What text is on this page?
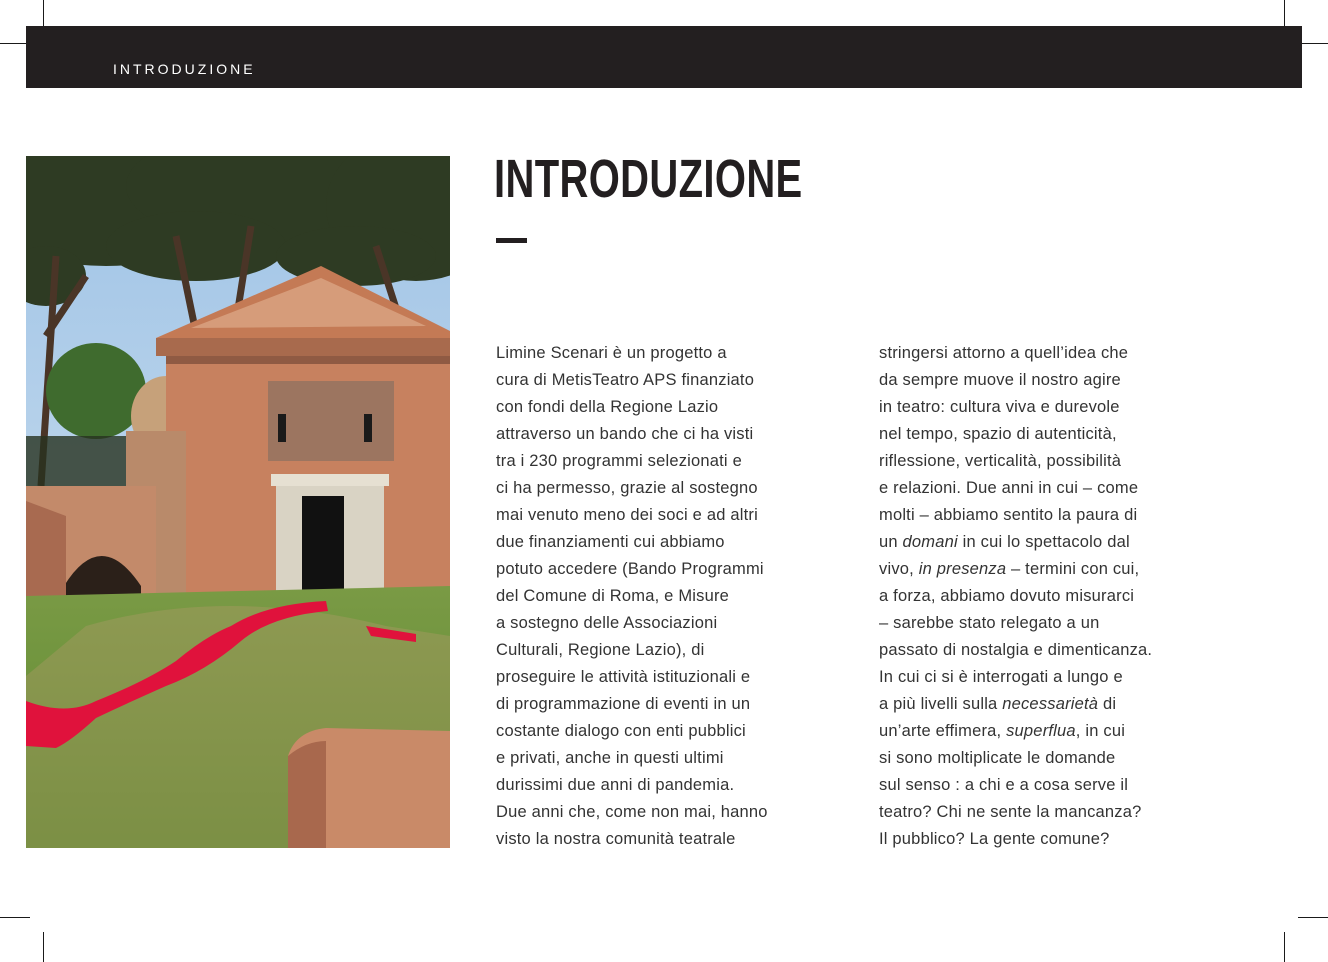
INTRODUZIONE
INTRODUZIONE
Limine Scenari è un progetto a
cura di MetisTeatro APS finanziato
con fondi della Regione Lazio
attraverso un bando che ci ha visti
tra i 230 programmi selezionati e
ci ha permesso, grazie al sostegno
mai venuto meno dei soci e ad altri
due finanziamenti cui abbiamo
potuto accedere (Bando Programmi
del Comune di Roma, e Misure
a sostegno delle Associazioni
Culturali, Regione Lazio), di
proseguire le attività istituzionali e
di programmazione di eventi in un
costante dialogo con enti pubblici
e privati, anche in questi ultimi
durissimi due anni di pandemia.
Due anni che, come non mai, hanno
visto la nostra comunità teatrale
stringersi attorno a quell’idea che
da sempre muove il nostro agire
in teatro: cultura viva e durevole
nel tempo, spazio di autenticità,
riflessione, verticalità, possibilità
e relazioni. Due anni in cui – come
molti – abbiamo sentito la paura di
un domani in cui lo spettacolo dal
vivo, in presenza – termini con cui,
a forza, abbiamo dovuto misurarci
– sarebbe stato relegato a un
passato di nostalgia e dimenticanza.
In cui ci si è interrogati a lungo e
a più livelli sulla necessarietà di
un’arte effimera, superflua, in cui
si sono moltiplicate le domande
sul senso : a chi e a cosa serve il
teatro? Chi ne sente la mancanza?
Il pubblico? La gente comune?
